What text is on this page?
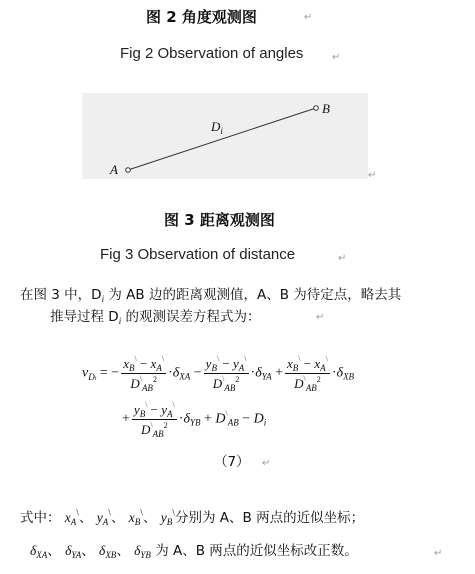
图 2 角度观测图	↵
Fig 2 Observation of angles	↵
A
B
$D_i$
↵
图 3 距离观测图
Fig 3 Observation of distance	↵
在图 3 中，$D_i$ 为 AB 边的距离观测值，A、B 为待定点，略去其
推导过程 $D_i$ 的观测误差方程式为：	↵
$v_{Di}$ = − $\frac{x_B^\backslash - x_A^\backslash}{D^\backslash_{AB}^2} \cdot\delta_{XA} - \frac{y_B^\backslash - y_A^\backslash}{D^\backslash_{AB}^2} \cdot\delta_{YA} + \frac{x_B^\backslash - x_A^\backslash}{D^\backslash_{AB}^2} \cdot\delta_{XB}$
+ $\frac{y_B^\backslash - y_A^\backslash}{D^\backslash_{AB}^2} \cdot\delta_{YB} + D^\backslash_{AB} - D_i$
（7） ↵
式中： $x_A^\backslash$、 $y_A^\backslash$、 $x_B^\backslash$、 $y_B^\backslash$分别为 A、B 两点的近似坐标；
$\delta_{XA}$、 $\delta_{YA}$、 $\delta_{XB}$、 $\delta_{YB}$ 为 A、B 两点的近似坐标改正数。	↵
